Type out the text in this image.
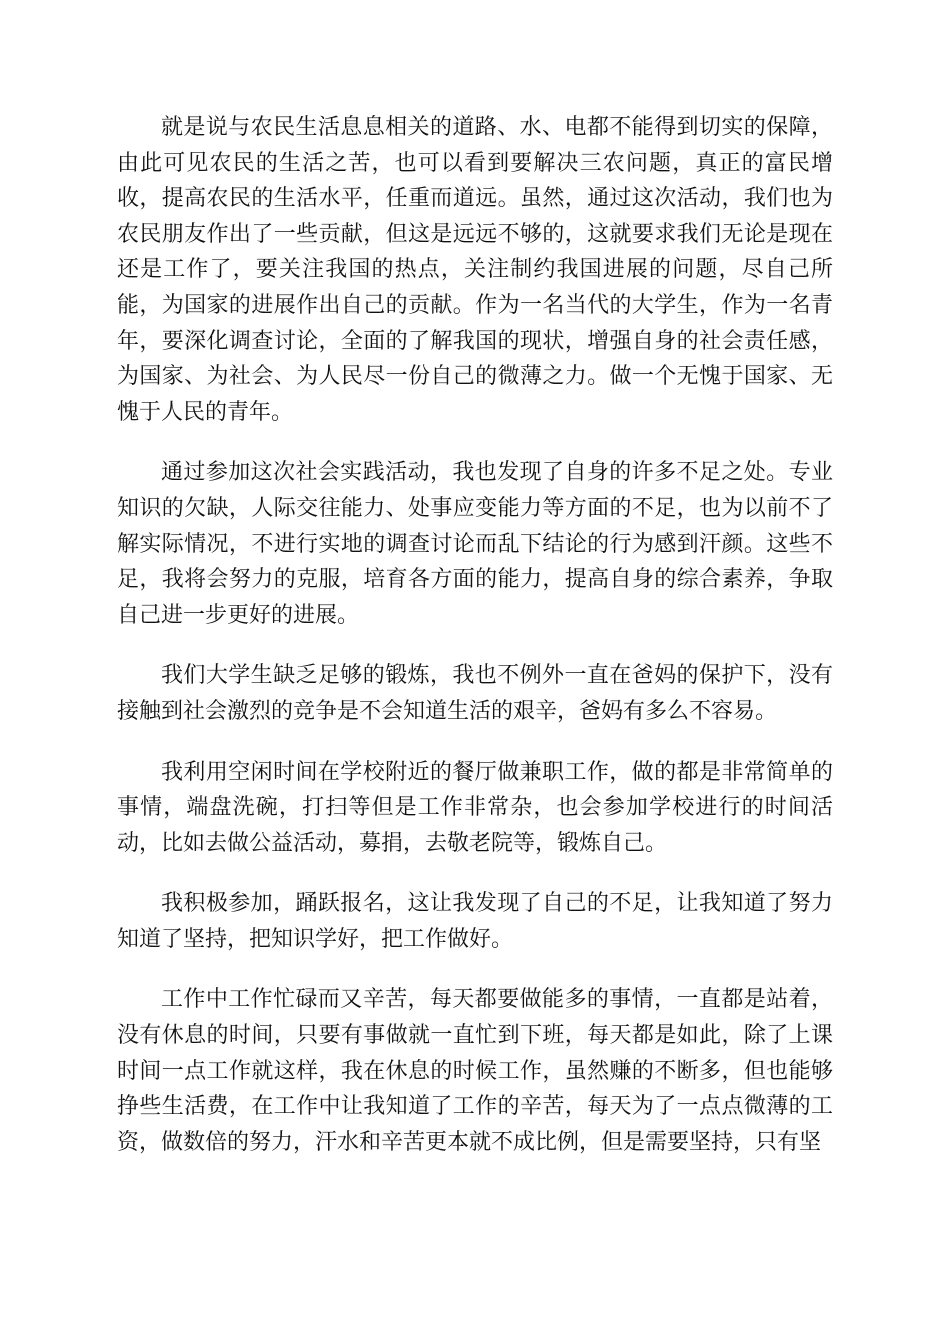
就是说与农民生活息息相关的道路、水、电都不能得到切实的保障，由此可见农民的生活之苦，也可以看到要解决三农问题，真正的富民增收，提高农民的生活水平，任重而道远。虽然，通过这次活动，我们也为农民朋友作出了一些贡献，但这是远远不够的，这就要求我们无论是现在还是工作了，要关注我国的热点，关注制约我国进展的问题，尽自己所能，为国家的进展作出自己的贡献。作为一名当代的大学生，作为一名青年，要深化调查讨论，全面的了解我国的现状，增强自身的社会责任感，为国家、为社会、为人民尽一份自己的微薄之力。做一个无愧于国家、无愧于人民的青年。

通过参加这次社会实践活动，我也发现了自身的许多不足之处。专业知识的欠缺，人际交往能力、处事应变能力等方面的不足，也为以前不了解实际情况，不进行实地的调查讨论而乱下结论的行为感到汗颜。这些不足，我将会努力的克服，培育各方面的能力，提高自身的综合素养，争取自己进一步更好的进展。

我们大学生缺乏足够的锻炼，我也不例外一直在爸妈的保护下，没有接触到社会激烈的竞争是不会知道生活的艰辛，爸妈有多么不容易。

我利用空闲时间在学校附近的餐厅做兼职工作，做的都是非常简单的事情，端盘洗碗，打扫等但是工作非常杂，也会参加学校进行的时间活动，比如去做公益活动，募捐，去敬老院等，锻炼自己。

我积极参加，踊跃报名，这让我发现了自己的不足，让我知道了努力知道了坚持，把知识学好，把工作做好。

工作中工作忙碌而又辛苦，每天都要做能多的事情，一直都是站着，没有休息的时间，只要有事做就一直忙到下班，每天都是如此，除了上课时间一点工作就这样，我在休息的时候工作，虽然赚的不断多，但也能够挣些生活费，在工作中让我知道了工作的辛苦，每天为了一点点微薄的工资，做数倍的努力，汗水和辛苦更本就不成比例，但是需要坚持，只有坚
